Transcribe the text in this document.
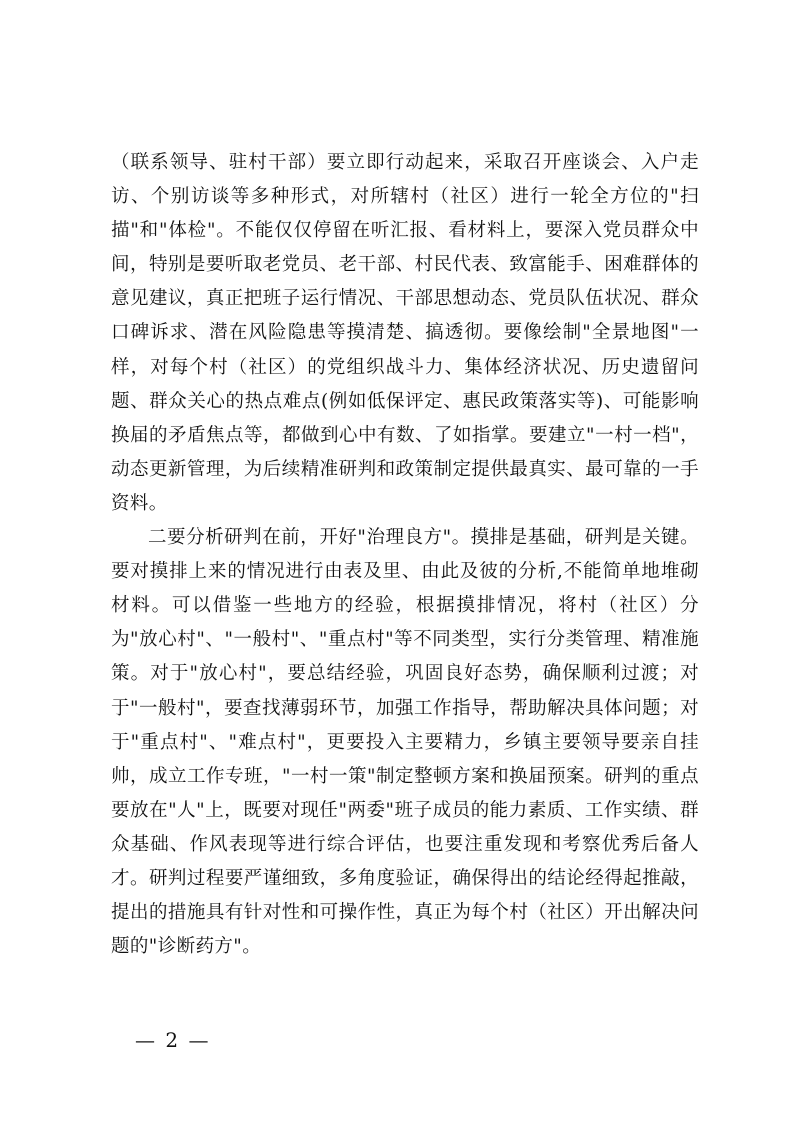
（联系领导、驻村干部）要立即行动起来，采取召开座谈会、入户走访、个别访谈等多种形式，对所辖村（社区）进行一轮全方位的"扫描"和"体检"。不能仅仅停留在听汇报、看材料上，要深入党员群众中间，特别是要听取老党员、老干部、村民代表、致富能手、困难群体的意见建议，真正把班子运行情况、干部思想动态、党员队伍状况、群众口碑诉求、潜在风险隐患等摸清楚、搞透彻。要像绘制"全景地图"一样，对每个村（社区）的党组织战斗力、集体经济状况、历史遗留问题、群众关心的热点难点(例如低保评定、惠民政策落实等)、可能影响换届的矛盾焦点等，都做到心中有数、了如指掌。要建立"一村一档"，动态更新管理，为后续精准研判和政策制定提供最真实、最可靠的一手资料。

二要分析研判在前，开好"治理良方"。摸排是基础，研判是关键。要对摸排上来的情况进行由表及里、由此及彼的分析,不能简单地堆砌材料。可以借鉴一些地方的经验，根据摸排情况，将村（社区）分为"放心村"、"一般村"、"重点村"等不同类型，实行分类管理、精准施策。对于"放心村"，要总结经验，巩固良好态势，确保顺利过渡；对于"一般村"，要查找薄弱环节，加强工作指导，帮助解决具体问题；对于"重点村"、"难点村"，更要投入主要精力，乡镇主要领导要亲自挂帅，成立工作专班，"一村一策"制定整顿方案和换届预案。研判的重点要放在"人"上，既要对现任"两委"班子成员的能力素质、工作实绩、群众基础、作风表现等进行综合评估，也要注重发现和考察优秀后备人才。研判过程要严谨细致，多角度验证，确保得出的结论经得起推敲，提出的措施具有针对性和可操作性，真正为每个村（社区）开出解决问题的"诊断药方"。

— 2 —
